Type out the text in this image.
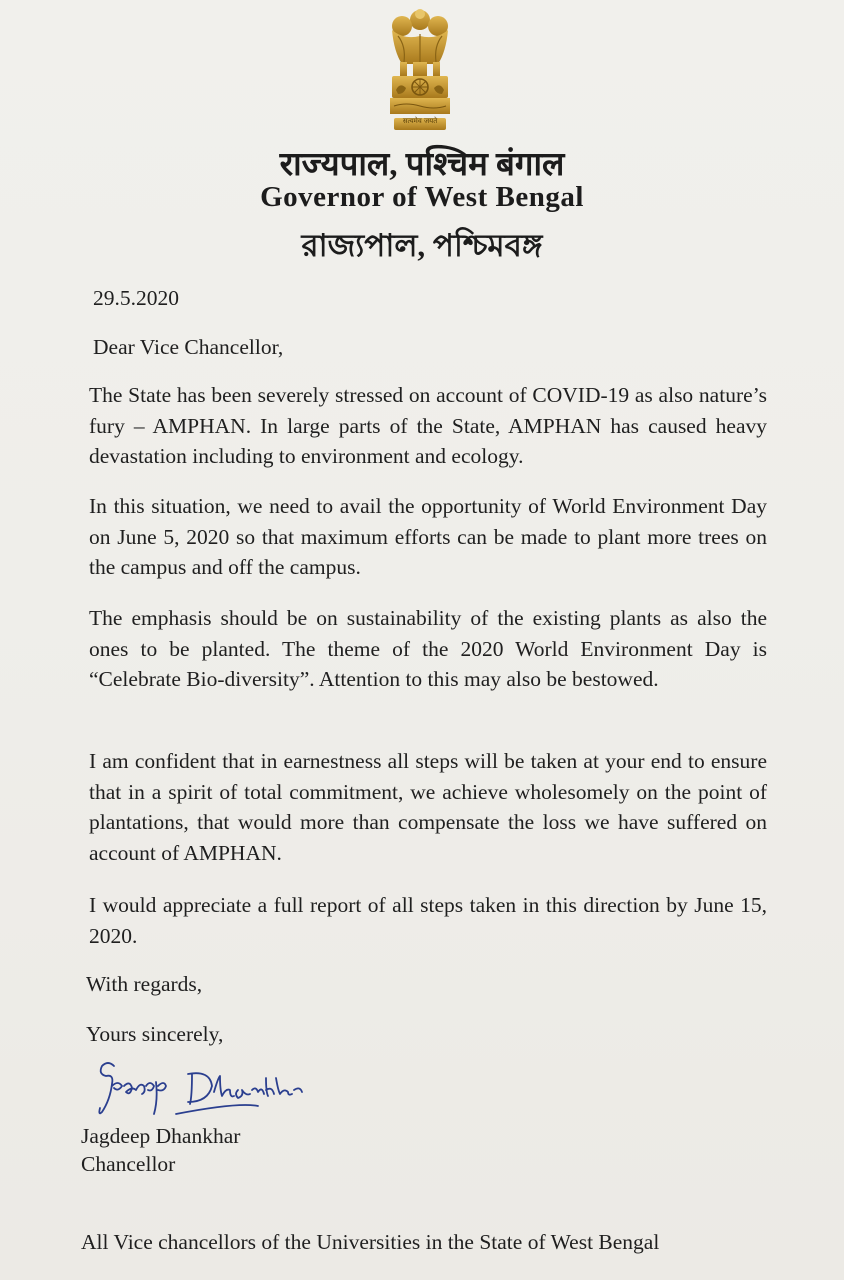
सत्यमेव जयते
राज्यपाल, पश्चिम बंगाल
Governor of West Bengal
রাজ্যপাল, পশ্চিমবঙ্গ
29.5.2020
Dear Vice Chancellor,
The State has been severely stressed on account of COVID-19 as also nature’s fury – AMPHAN. In large parts of the State, AMPHAN has caused heavy devastation including to environment and ecology.
In this situation, we need to avail the opportunity of World Environment Day on June 5, 2020 so that maximum efforts can be made to plant more trees on the campus and off the campus.
The emphasis should be on sustainability of the existing plants as also the ones to be planted. The theme of the 2020 World Environment Day is “Celebrate Bio-diversity”. Attention to this may also be bestowed.
I am confident that in earnestness all steps will be taken at your end to ensure that in a spirit of total commitment, we achieve wholesomely on the point of plantations, that would more than compensate the loss we have suffered on account of AMPHAN.
I would appreciate a full report of all steps taken in this direction by June 15, 2020.
With regards,
Yours sincerely,
Jagdeep Dhankhar
Chancellor
All Vice chancellors of the Universities in the State of West Bengal
